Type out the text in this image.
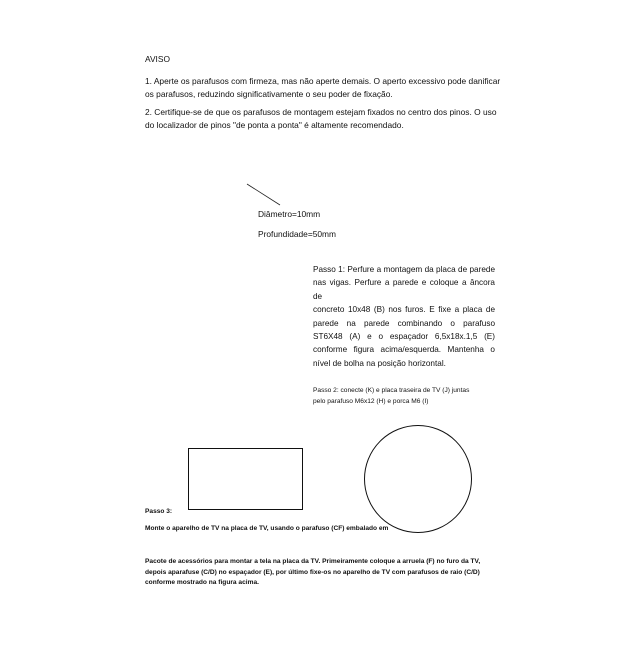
AVISO
1. Aperte os parafusos com firmeza, mas não aperte demais. O aperto excessivo pode danificar os parafusos, reduzindo significativamente o seu poder de fixação.
2. Certifique-se de que os parafusos de montagem estejam fixados no centro dos pinos. O uso do localizador de pinos "de ponta a ponta" é altamente recomendado.
Diâmetro=10mm
Profundidade=50mm
Passo 1: Perfure a montagem da placa de parede
nas vigas. Perfure a parede e coloque a âncora de
concreto 10x48 (B) nos furos. E fixe a placa de
parede na parede combinando o parafuso
ST6X48 (A) e o espaçador 6,5x18x.1,5 (E)
conforme figura acima/esquerda. Mantenha o
nível de bolha na posição horizontal.
Passo 2: conecte (K) e placa traseira de TV (J) juntas
pelo parafuso M6x12 (H) e porca M6 (I)
Passo 3:
Monte o aparelho de TV na placa de TV, usando o parafuso (CF) embalado em
Pacote de acessórios para montar a tela na placa da TV. Primeiramente coloque a arruela (F) no furo da TV,
depois aparafuse (C/D) no espaçador (E), por último fixe-os no aparelho de TV com parafusos de raio (C/D)
conforme mostrado na figura acima.
